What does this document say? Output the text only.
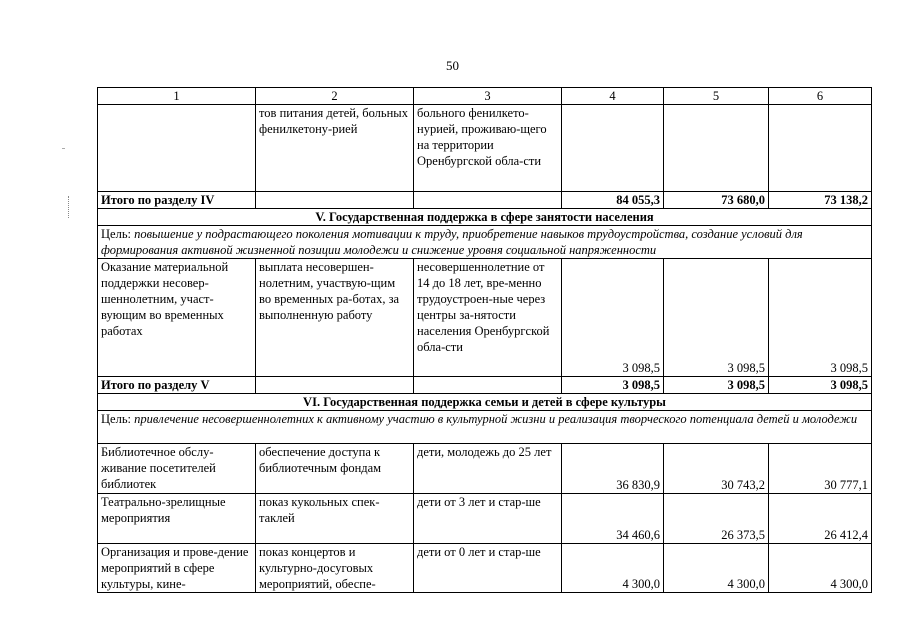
50
1	2	3	4	5	6
	тов питания детей, больных фенилкетону-рией	больного фенилкето-нурией, проживаю-щего на территории Оренбургской обла-сти			
Итого по разделу IV			84 055,3	73 680,0	73 138,2
V. Государственная поддержка в сфере занятости населения					
Цель: повышение у подрастающего поколения мотивации к труду, приобретение навыков трудоустройства, создание условий для формирования активной жизненной позиции молодежи и снижение уровня социальной напряженности					
Оказание материальной поддержки несовер-шеннолетним, участ-вующим во временных работах	выплата несовершен-нолетним, участвую-щим во временных ра-ботах, за выполненную работу	несовершеннолетние от 14 до 18 лет, вре-менно трудоустроен-ные через центры за-нятости населения Оренбургской обла-сти	3 098,5	3 098,5	3 098,5
Итого по разделу V			3 098,5	3 098,5	3 098,5
VI. Государственная поддержка семьи и детей в сфере культуры					
Цель: привлечение несовершеннолетних к активному участию в культурной жизни и реализация творческого потенциала детей и молодежи					
Библиотечное обслу-живание посетителей библиотек	обеспечение доступа к библиотечным фондам	дети, молодежь до 25 лет	36 830,9	30 743,2	30 777,1
Театрально-зрелищные мероприятия	показ кукольных спек-таклей	дети от 3 лет и стар-ше	34 460,6	26 373,5	26 412,4
Организация и прове-дение мероприятий в сфере культуры, кине-	показ концертов и культурно-досуговых мероприятий, обеспе-	дети от 0 лет и стар-ше	4 300,0	4 300,0	4 300,0
